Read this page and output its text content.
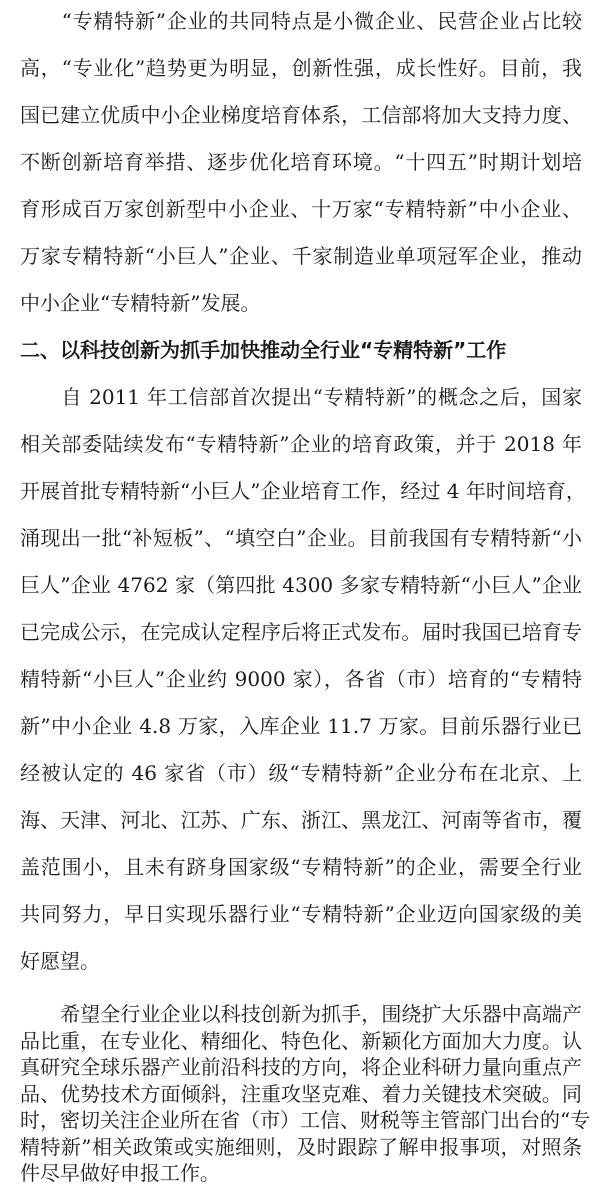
　　“专精特新”企业的共同特点是小微企业、民营企业占比较
高，“专业化”趋势更为明显，创新性强，成长性好。目前，我
国已建立优质中小企业梯度培育体系，工信部将加大支持力度、
不断创新培育举措、逐步优化培育环境。“十四五”时期计划培
育形成百万家创新型中小企业、十万家“专精特新”中小企业、
万家专精特新“小巨人”企业、千家制造业单项冠军企业，推动
中小企业“专精特新”发展。
二、以科技创新为抓手加快推动全行业“专精特新”工作
　　自 2011 年工信部首次提出“专精特新”的概念之后，国家
相关部委陆续发布“专精特新”企业的培育政策，并于 2018 年
开展首批专精特新“小巨人”企业培育工作，经过 4 年时间培育，
涌现出一批“补短板”、“填空白”企业。目前我国有专精特新“小
巨人”企业 4762 家（第四批 4300 多家专精特新“小巨人”企业
已完成公示，在完成认定程序后将正式发布。届时我国已培育专
精特新“小巨人”企业约 9000 家），各省（市）培育的“专精特
新”中小企业 4.8 万家，入库企业 11.7 万家。目前乐器行业已
经被认定的 46 家省（市）级“专精特新”企业分布在北京、上
海、天津、河北、江苏、广东、浙江、黑龙江、河南等省市，覆
盖范围小，且未有跻身国家级“专精特新”的企业，需要全行业
共同努力，早日实现乐器行业“专精特新”企业迈向国家级的美
好愿望。
　　希望全行业企业以科技创新为抓手，围绕扩大乐器中高端产
品比重，在专业化、精细化、特色化、新颖化方面加大力度。认
真研究全球乐器产业前沿科技的方向，将企业科研力量向重点产
品、优势技术方面倾斜，注重攻坚克难、着力关键技术突破。同
时，密切关注企业所在省（市）工信、财税等主管部门出台的“专
精特新”相关政策或实施细则，及时跟踪了解申报事项，对照条
件尽早做好申报工作。
